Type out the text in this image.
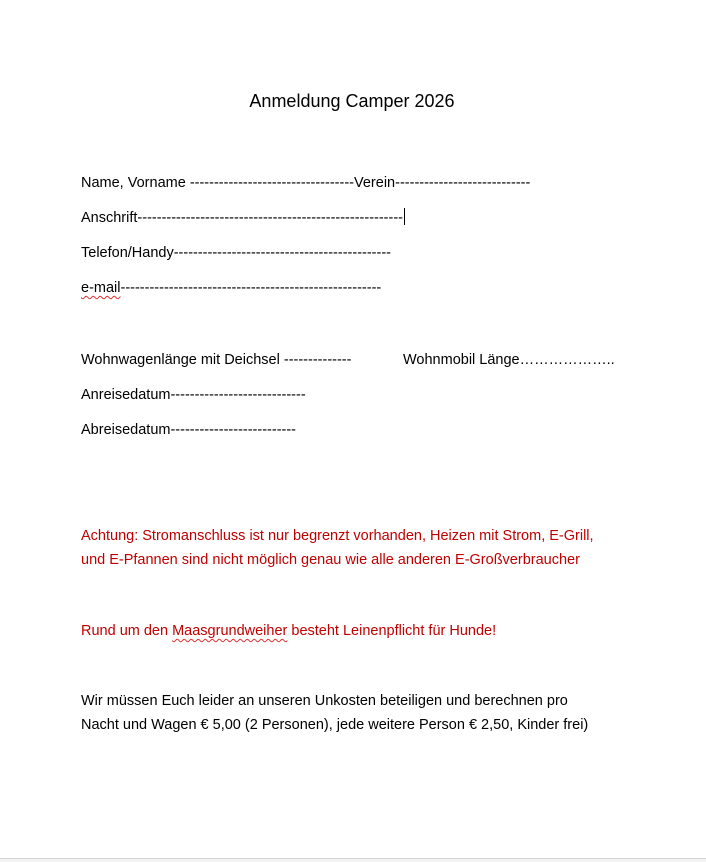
Anmeldung Camper 2026
Name, Vorname ----------------------------------Verein----------------------------
Anschrift-------------------------------------------------------
Telefon/Handy---------------------------------------------
e-mail------------------------------------------------------
Wohnwagenlänge mit Deichsel --------------	Wohnmobil Länge………………..
Anreisedatum----------------------------
Abreisedatum--------------------------
Achtung: Stromanschluss ist nur begrenzt vorhanden, Heizen mit Strom, E-Grill,
und E-Pfannen sind nicht möglich genau wie alle anderen E-Großverbraucher
Rund um den Maasgrundweiher besteht Leinenpflicht für Hunde!
Wir müssen Euch leider an unseren Unkosten beteiligen und berechnen pro
Nacht und Wagen € 5,00 (2 Personen), jede weitere Person € 2,50, Kinder frei)
